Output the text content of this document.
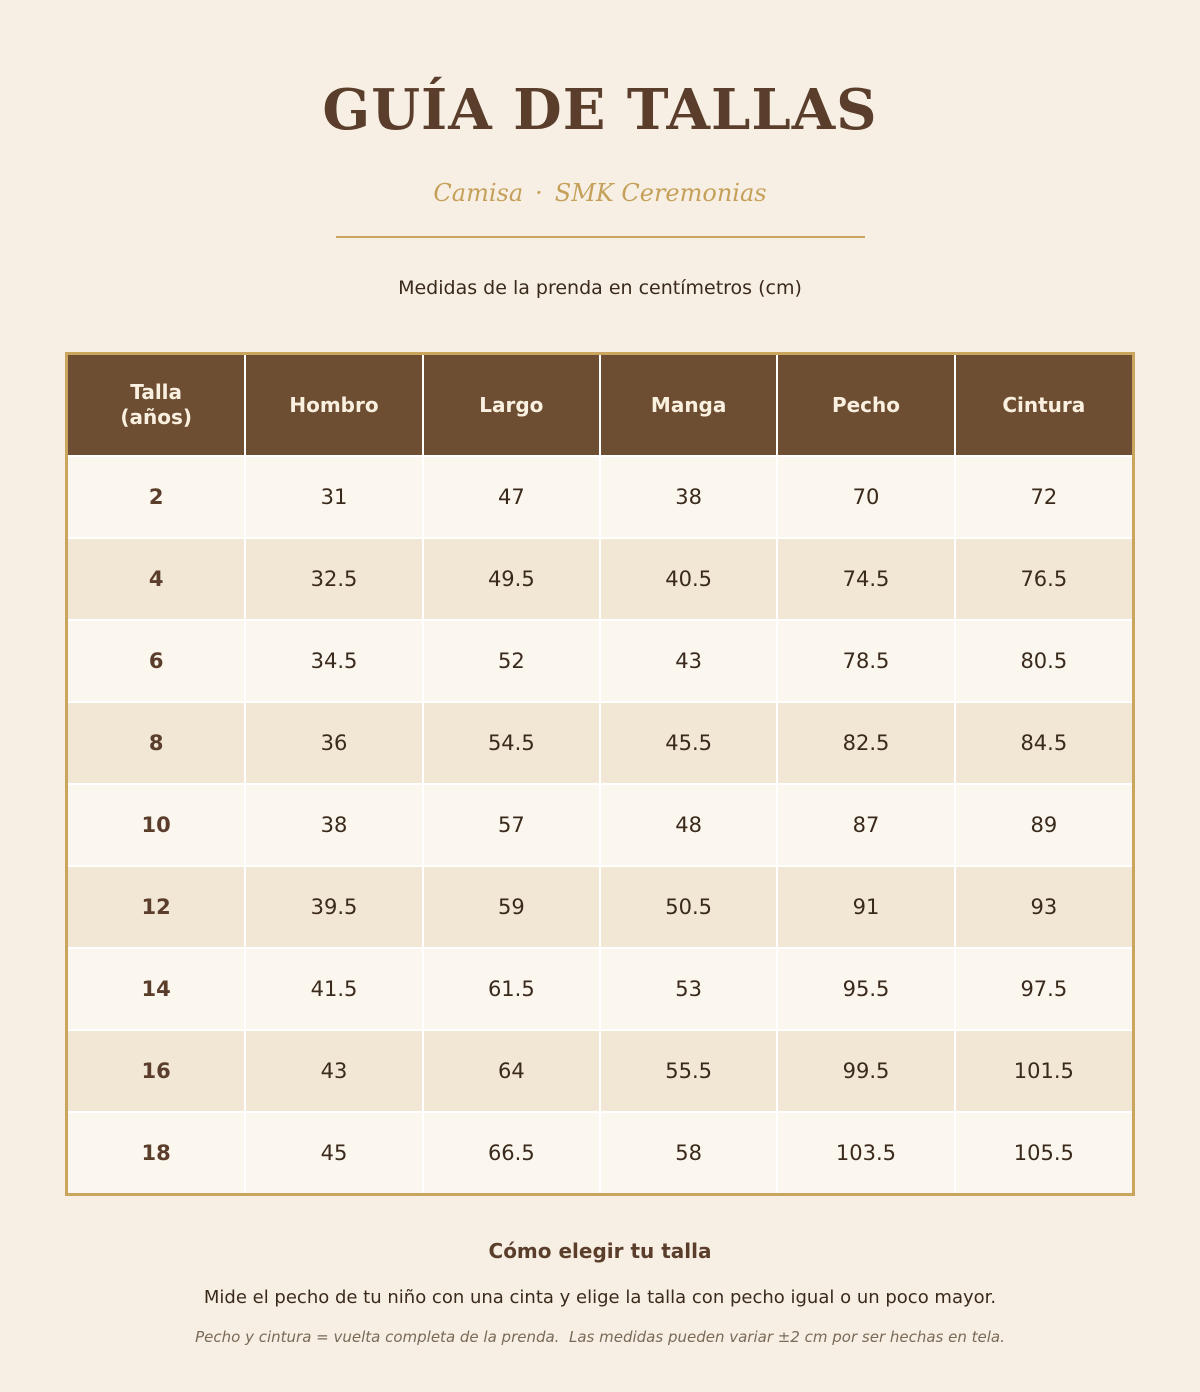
GUÍA DE TALLAS
Camisa · SMK Ceremonias
Medidas de la prenda en centímetros (cm)
Talla
(años)	Hombro	Largo	Manga	Pecho	Cintura
2	31	47	38	70	72
4	32.5	49.5	40.5	74.5	76.5
6	34.5	52	43	78.5	80.5
8	36	54.5	45.5	82.5	84.5
10	38	57	48	87	89
12	39.5	59	50.5	91	93
14	41.5	61.5	53	95.5	97.5
16	43	64	55.5	99.5	101.5
18	45	66.5	58	103.5	105.5
Cómo elegir tu talla
Mide el pecho de tu niño con una cinta y elige la talla con pecho igual o un poco mayor.
Pecho y cintura = vuelta completa de la prenda.  Las medidas pueden variar ±2 cm por ser hechas en tela.
